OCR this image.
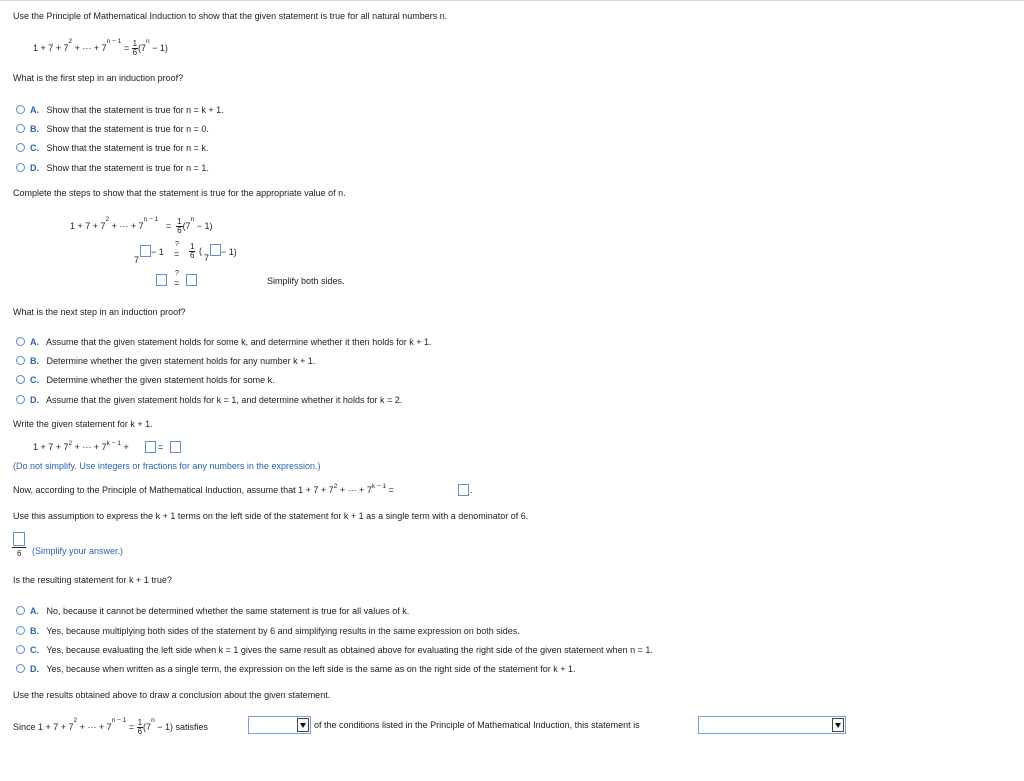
Use the Principle of Mathematical Induction to show that the given statement is true for all natural numbers n.
$1 + 7 + 7^2$ + ··· + $7^{n - 1} = \frac{1}{6} (7^n - 1)$
What is the first step in an induction proof?
A. Show that the statement is true for n = k + 1.
B. Show that the statement is true for n = 0.
C. Show that the statement is true for n = k.
D. Show that the statement is true for n = 1.
Complete the steps to show that the statement is true for the appropriate value of n.
$1 + 7 + 7^2$ + ··· + $7^{n - 1} = \frac{1}{6} (7^n - 1)$
7
− 1
?
= $\frac{1}{6}$ (
7
− 1)
?
=	Simplify both sides.
What is the next step in an induction proof?
A. Assume that the given statement holds for some k, and determine whether it then holds for k + 1.
B. Determine whether the given statement holds for any number k + 1.
C. Determine whether the given statement holds for some k.
D. Assume that the given statement holds for k = 1, and determine whether it holds for k = 2.
Write the given statement for k + 1.
$1 + 7 + 7^2$ + ··· + $7^{k - 1}$ +	=
(Do not simplify. Use integers or fractions for any numbers in the expression.)
Now, according to the Principle of Mathematical Induction, assume that $1 + 7 + 7^2$ + ··· + $7^{k - 1}$ =	.
Use this assumption to express the k + 1 terms on the left side of the statement for k + 1 as a single term with a denominator of 6.
6 (Simplify your answer.)
Is the resulting statement for k + 1 true?
A. No, because it cannot be determined whether the same statement is true for all values of k.
B. Yes, because multiplying both sides of the statement by 6 and simplifying results in the same expression on both sides.
C. Yes, because evaluating the left side when k = 1 gives the same result as obtained above for evaluating the right side of the given statement when n = 1.
D. Yes, because when written as a single term, the expression on the left side is the same as on the right side of the statement for k + 1.
Use the results obtained above to draw a conclusion about the given statement.
Since $1 + 7 + 7^2$ + ··· + $7^{n - 1} = \frac{1}{6} (7^n - 1)$ satisfies	of the conditions listed in the Principle of Mathematical Induction, this statement is
